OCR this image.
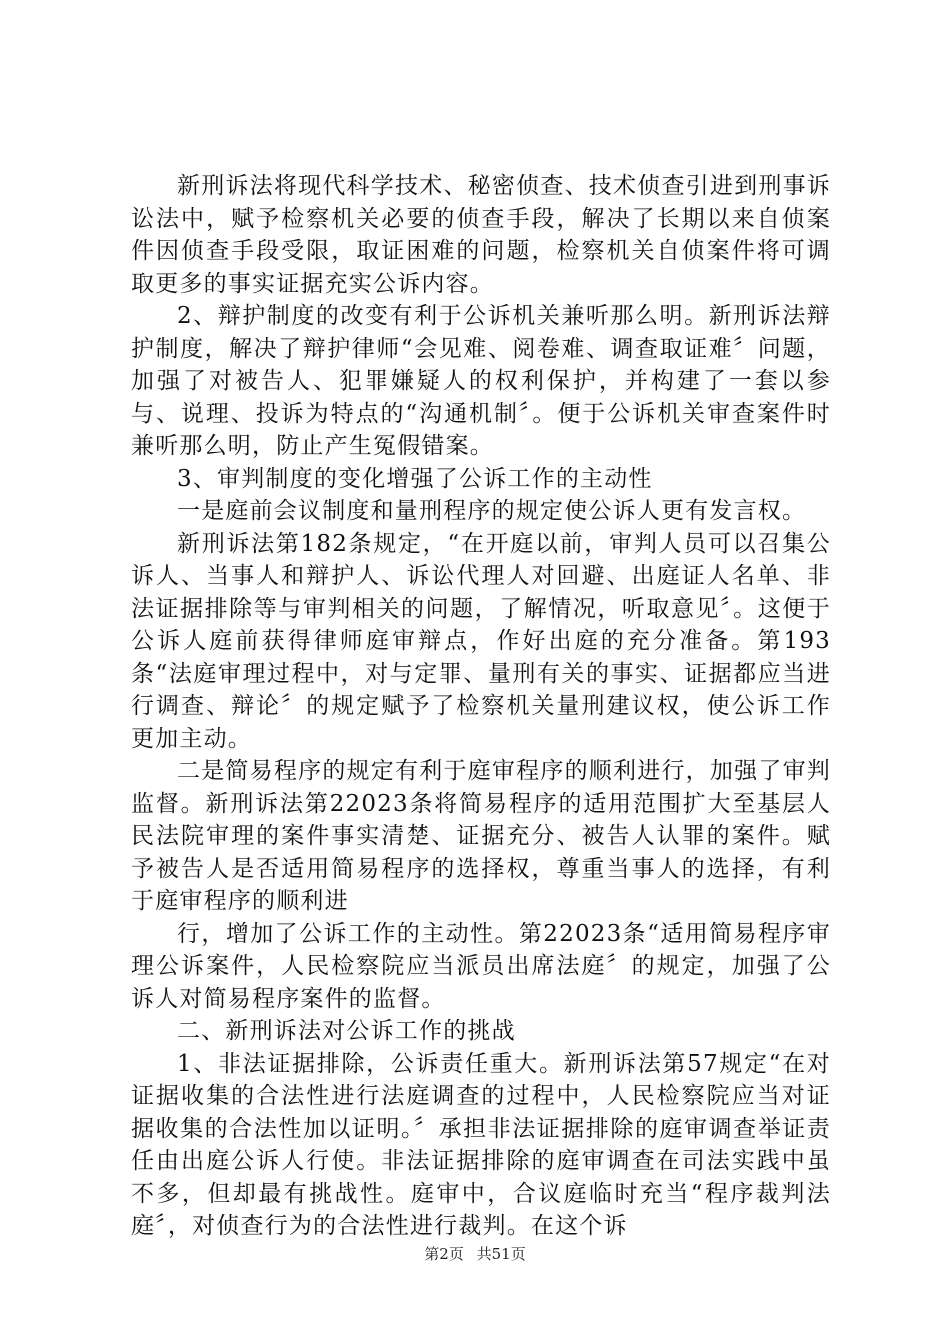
新刑诉法将现代科学技术、秘密侦查、技术侦查引进到刑事诉讼法中，赋予检察机关必要的侦查手段，解决了长期以来自侦案件因侦查手段受限，取证困难的问题，检察机关自侦案件将可调取更多的事实证据充实公诉内容。

2、辩护制度的改变有利于公诉机关兼听那么明。新刑诉法辩护制度，解决了辩护律师“会见难、阅卷难、调查取证难〞问题，加强了对被告人、犯罪嫌疑人的权利保护，并构建了一套以参与、说理、投诉为特点的“沟通机制〞。便于公诉机关审查案件时兼听那么明，防止产生冤假错案。

3、审判制度的变化增强了公诉工作的主动性

一是庭前会议制度和量刑程序的规定使公诉人更有发言权。

新刑诉法第182条规定，“在开庭以前，审判人员可以召集公诉人、当事人和辩护人、诉讼代理人对回避、出庭证人名单、非法证据排除等与审判相关的问题，了解情况，听取意见〞。这便于公诉人庭前获得律师庭审辩点，作好出庭的充分准备。第193条“法庭审理过程中，对与定罪、量刑有关的事实、证据都应当进行调查、辩论〞的规定赋予了检察机关量刑建议权，使公诉工作更加主动。

二是简易程序的规定有利于庭审程序的顺利进行，加强了审判监督。新刑诉法第22023条将简易程序的适用范围扩大至基层人民法院审理的案件事实清楚、证据充分、被告人认罪的案件。赋予被告人是否适用简易程序的选择权，尊重当事人的选择，有利于庭审程序的顺利进

行，增加了公诉工作的主动性。第22023条“适用简易程序审理公诉案件，人民检察院应当派员出席法庭〞的规定，加强了公诉人对简易程序案件的监督。

二、新刑诉法对公诉工作的挑战

1、非法证据排除，公诉责任重大。新刑诉法第57规定“在对证据收集的合法性进行法庭调查的过程中，人民检察院应当对证据收集的合法性加以证明。〞承担非法证据排除的庭审调查举证责任由出庭公诉人行使。非法证据排除的庭审调查在司法实践中虽不多，但却最有挑战性。庭审中，合议庭临时充当“程序裁判法庭〞，对侦查行为的合法性进行裁判。在这个诉

第2页 共51页
